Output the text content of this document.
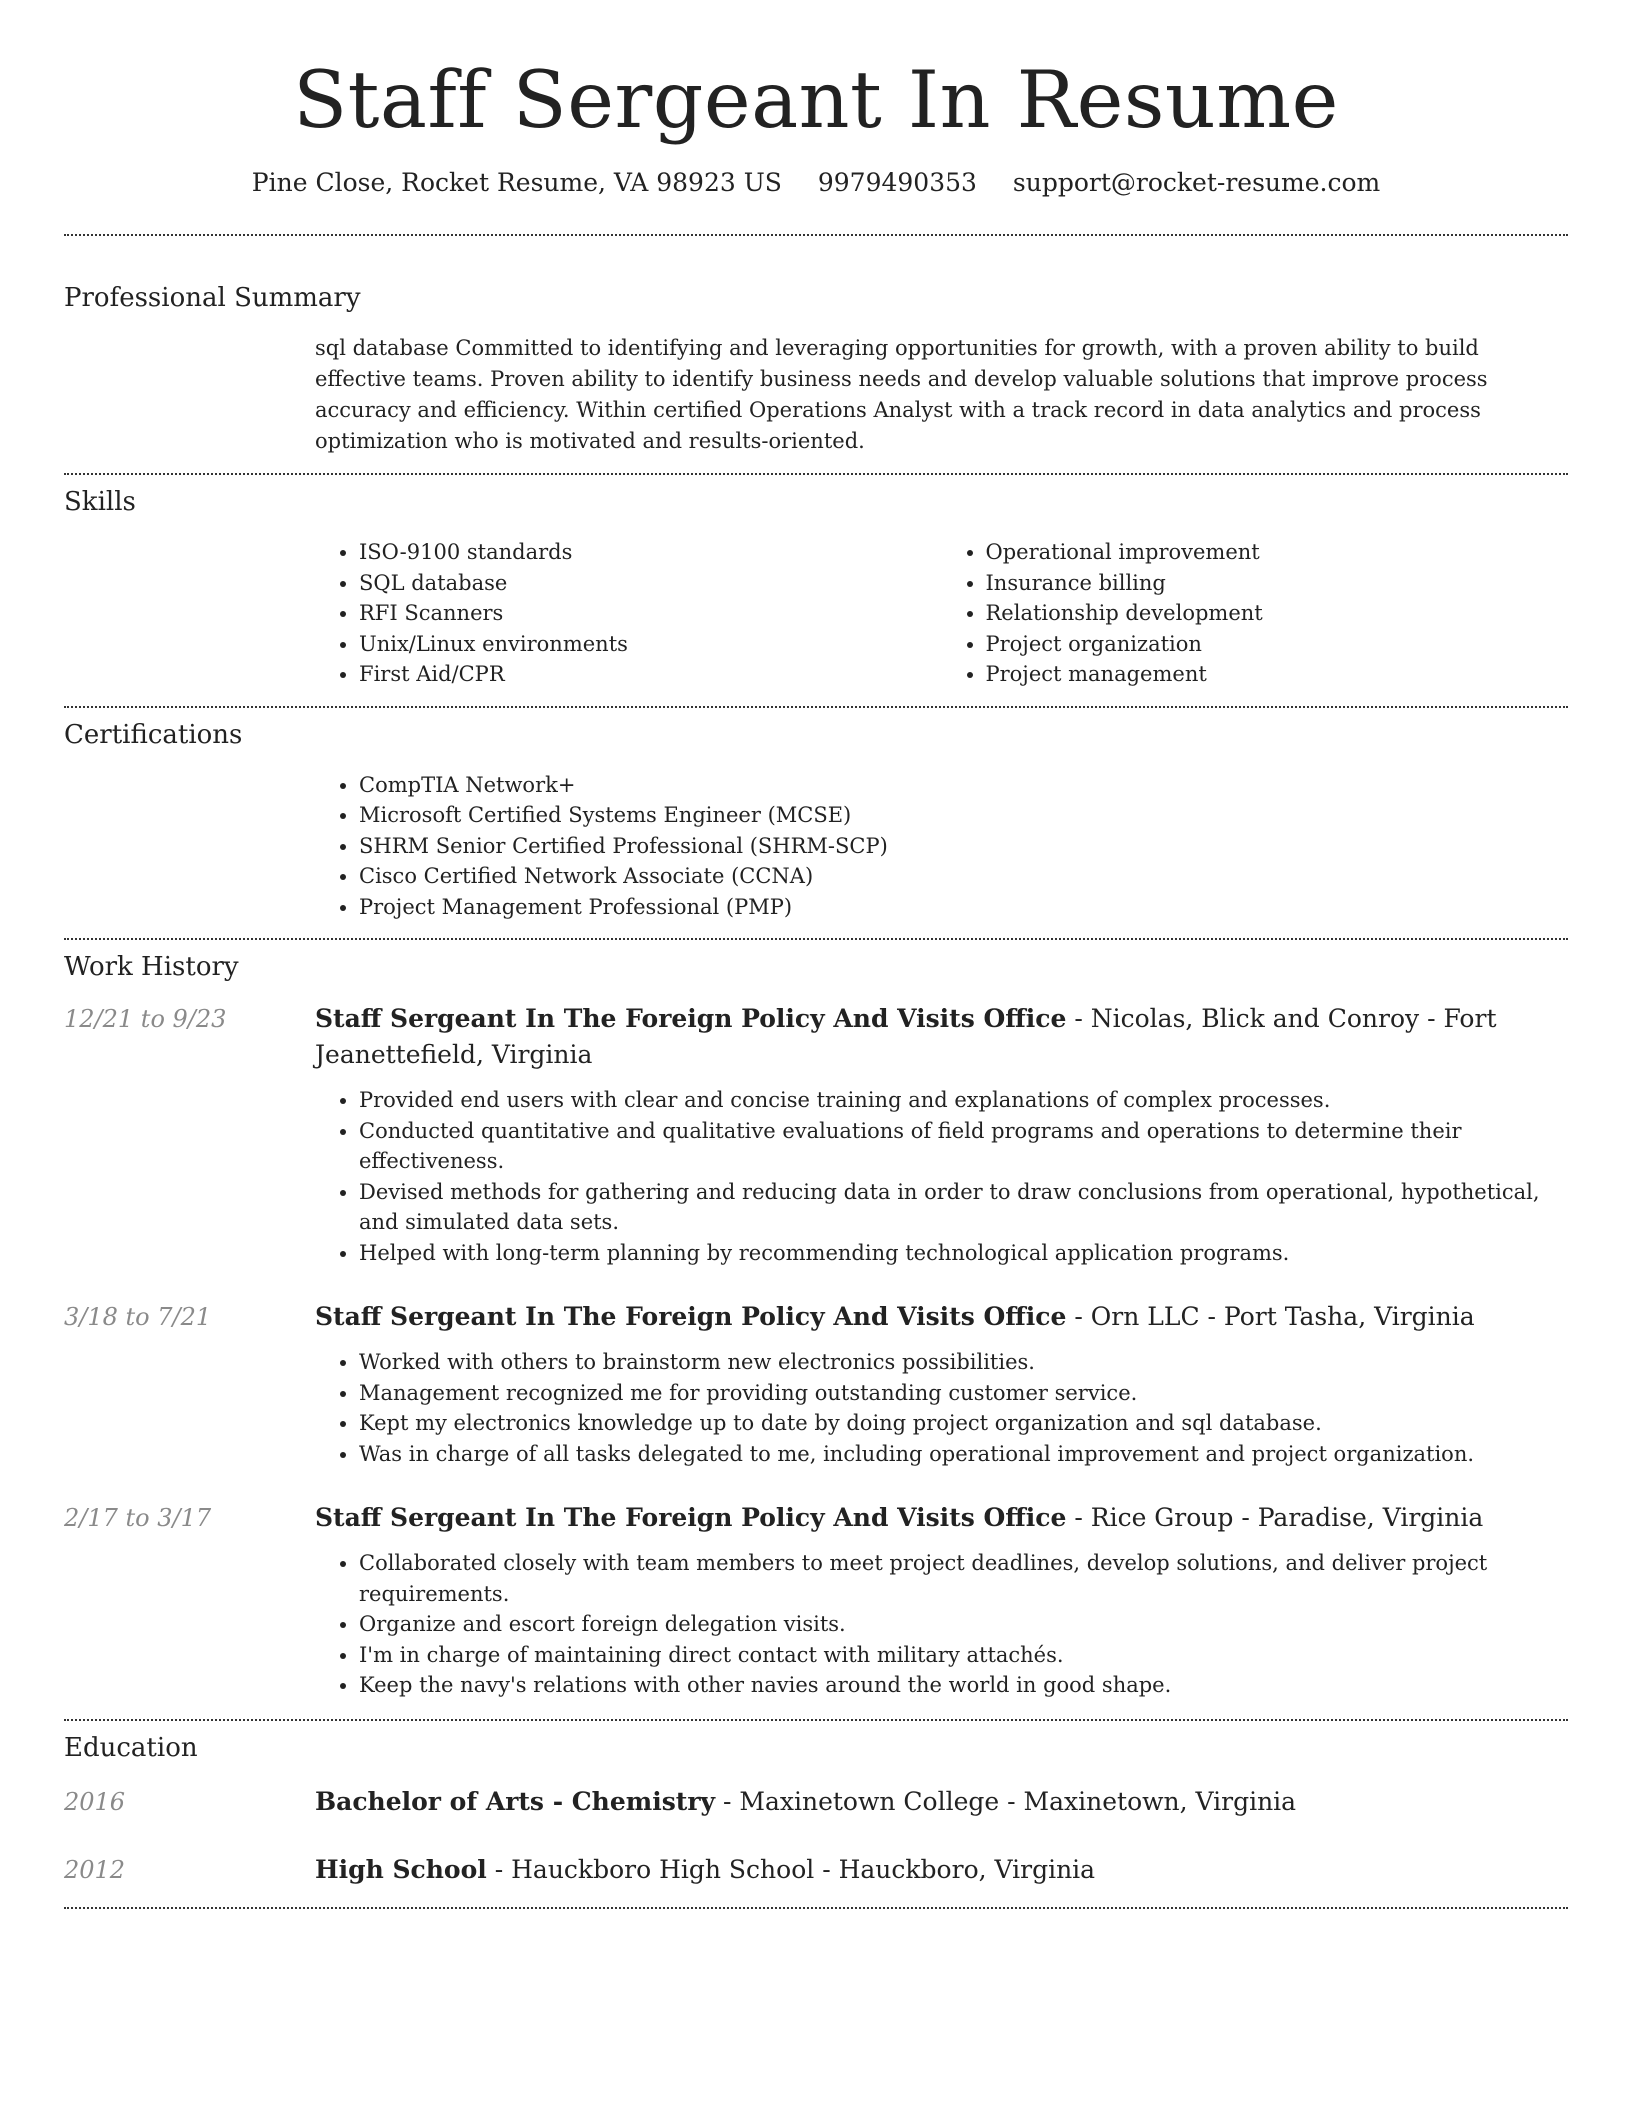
Staff Sergeant In Resume
Pine Close, Rocket Resume, VA 98923 US 9979490353 support@rocket-resume.com
Professional Summary
sql database Committed to identifying and leveraging opportunities for growth, with a proven ability to build effective teams. Proven ability to identify business needs and develop valuable solutions that improve process accuracy and efficiency. Within certified Operations Analyst with a track record in data analytics and process optimization who is motivated and results-oriented.
Skills
• ISO-9100 standards
• SQL database
• RFI Scanners
• Unix/Linux environments
• First Aid/CPR
• Operational improvement
• Insurance billing
• Relationship development
• Project organization
• Project management
Certifications
• CompTIA Network+
• Microsoft Certified Systems Engineer (MCSE)
• SHRM Senior Certified Professional (SHRM-SCP)
• Cisco Certified Network Associate (CCNA)
• Project Management Professional (PMP)
Work History
12/21 to 9/23	Staff Sergeant In The Foreign Policy And Visits Office - Nicolas, Blick and Conroy - Fort Jeanettefield, Virginia
• Provided end users with clear and concise training and explanations of complex processes.
• Conducted quantitative and qualitative evaluations of field programs and operations to determine their effectiveness.
• Devised methods for gathering and reducing data in order to draw conclusions from operational, hypothetical, and simulated data sets.
• Helped with long-term planning by recommending technological application programs.
3/18 to 7/21	Staff Sergeant In The Foreign Policy And Visits Office - Orn LLC - Port Tasha, Virginia
• Worked with others to brainstorm new electronics possibilities.
• Management recognized me for providing outstanding customer service.
• Kept my electronics knowledge up to date by doing project organization and sql database.
• Was in charge of all tasks delegated to me, including operational improvement and project organization.
2/17 to 3/17	Staff Sergeant In The Foreign Policy And Visits Office - Rice Group - Paradise, Virginia
• Collaborated closely with team members to meet project deadlines, develop solutions, and deliver project requirements.
• Organize and escort foreign delegation visits.
• I'm in charge of maintaining direct contact with military attachés.
• Keep the navy's relations with other navies around the world in good shape.
Education
2016	Bachelor of Arts - Chemistry - Maxinetown College - Maxinetown, Virginia
2012	High School - Hauckboro High School - Hauckboro, Virginia
